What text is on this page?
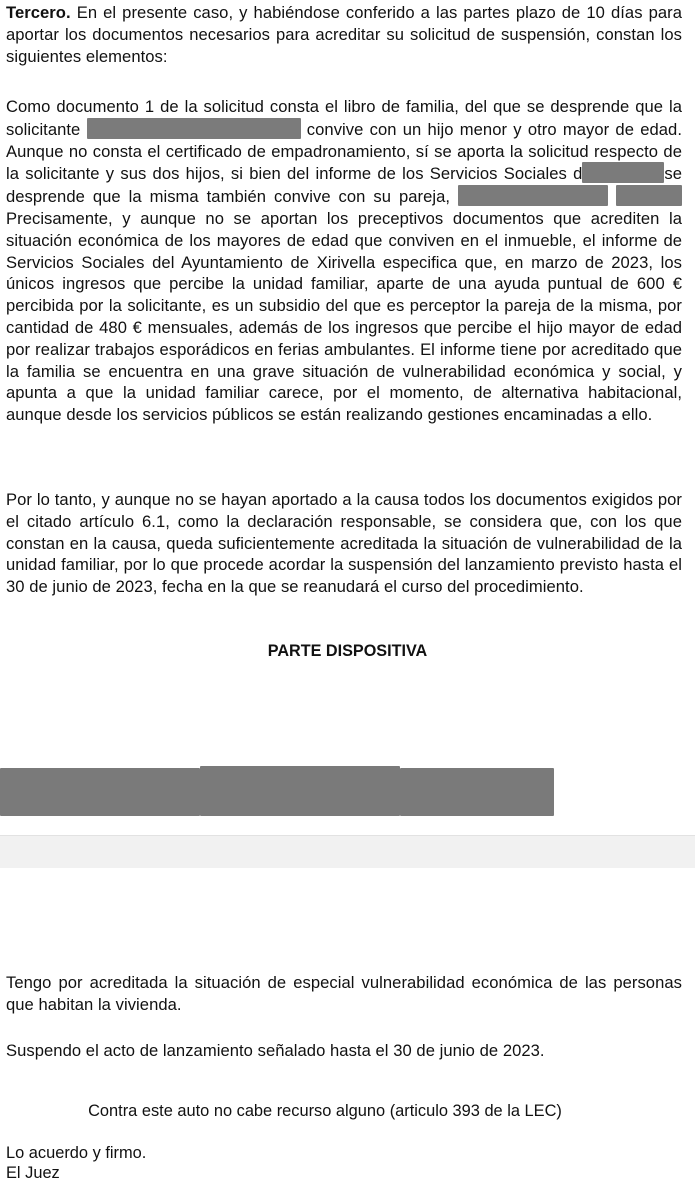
Tercero. En el presente caso, y habiéndose conferido a las partes plazo de 10 días para aportar los documentos necesarios para acreditar su solicitud de suspensión, constan los siguientes elementos:

Como documento 1 de la solicitud consta el libro de familia, del que se desprende que la solicitante	convive con un hijo menor y otro mayor de edad. Aunque no consta el certificado de empadronamiento, sí se aporta la solicitud respecto de la solicitante y sus dos hijos, si bien del informe de los Servicios Sociales d	se desprende que la misma también convive con su pareja,   Precisamente, y aunque no se aportan los preceptivos documentos que acrediten la situación económica de los mayores de edad que conviven en el inmueble, el informe de Servicios Sociales del Ayuntamiento de Xirivella especifica que, en marzo de 2023, los únicos ingresos que percibe la unidad familiar, aparte de una ayuda puntual de 600 € percibida por la solicitante, es un subsidio del que es perceptor la pareja de la misma, por cantidad de 480 € mensuales, además de los ingresos que percibe el hijo mayor de edad por realizar trabajos esporádicos en ferias ambulantes. El informe tiene por acreditado que la familia se encuentra en una grave situación de vulnerabilidad económica y social, y apunta a que la unidad familiar carece, por el momento, de alternativa habitacional, aunque desde los servicios públicos se están realizando gestiones encaminadas a ello.

Por lo tanto, y aunque no se hayan aportado a la causa todos los documentos exigidos por el citado artículo 6.1, como la declaración responsable, se considera que, con los que constan en la causa, queda suficientemente acreditada la situación de vulnerabilidad de la unidad familiar, por lo que procede acordar la suspensión del lanzamiento previsto hasta el 30 de junio de 2023, fecha en la que se reanudará el curso del procedimiento.

PARTE DISPOSITIVA

Tengo por acreditada la situación de especial vulnerabilidad económica de las personas que habitan la vivienda.

Suspendo el acto de lanzamiento señalado hasta el 30 de junio de 2023.

Contra este auto no cabe recurso alguno (articulo 393 de la LEC)

Lo acuerdo y firmo.

El Juez
